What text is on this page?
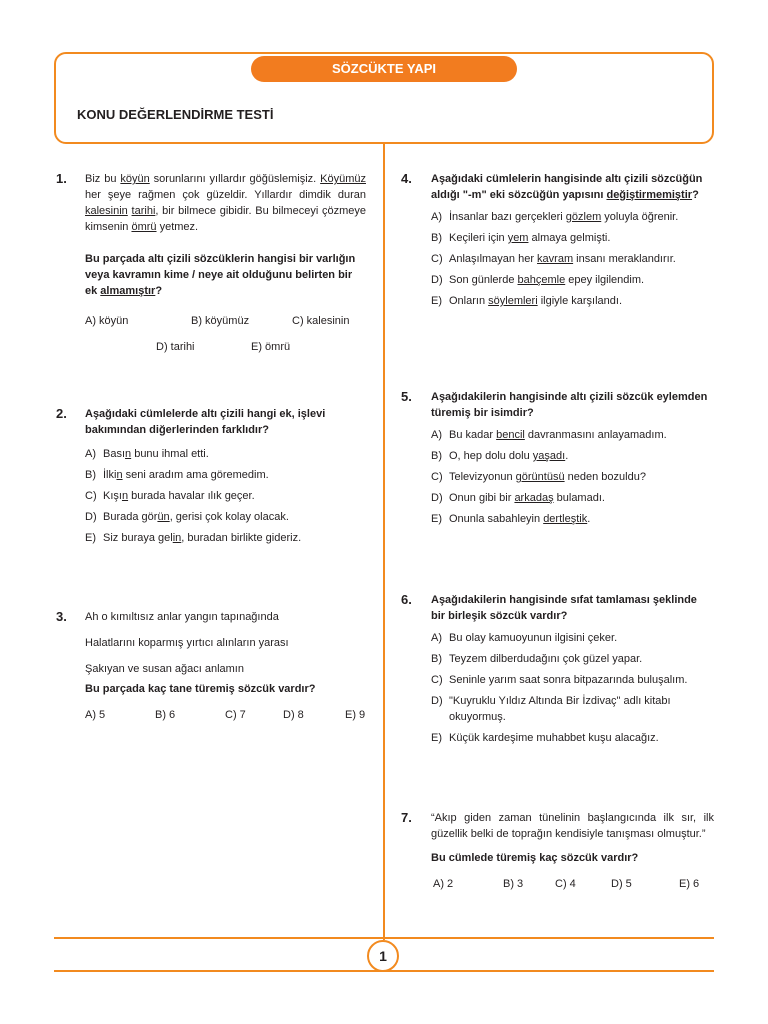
SÖZCÜKTE YAPI
KONU DEĞERLENDİRME TESTİ
1
1. Biz bu köyün sorunlarını yıllardır göğüslemişiz. Köyümüz her şeye rağmen çok güzeldir. Yıllardır dimdik duran kalesinin tarihi, bir bilmece gibidir. Bu bilmeceyi çözmeye kimsenin ömrü yetmez.

Bu parçada altı çizili sözcüklerin hangisi bir varlığın veya kavramın kime / neye ait olduğunu belirten bir ek almamıştır?

A) köyün	B) köyümüz	C) kalesinin
D) tarihi	E) ömrü
2. Aşağıdaki cümlelerde altı çizili hangi ek, işlevi bakımından diğerlerinden farklıdır?

A) Basın bunu ihmal etti.
B) İlkin seni aradım ama göremedim.
C) Kışın burada havalar ılık geçer.
D) Burada görün, gerisi çok kolay olacak.
E) Siz buraya gelin, buradan birlikte gideriz.
3. Ah o kımıltısız anlar yangın tapınağında

Halatlarını koparmış yırtıcı alınların yarası

Şakıyan ve susan ağacı anlamın

Bu parçada kaç tane türemiş sözcük vardır?

A) 5	B) 6	C) 7	D) 8	E) 9
4. Aşağıdaki cümlelerin hangisinde altı çizili sözcüğün aldığı "-m" eki sözcüğün yapısını değiştirmemiştir?

A) İnsanlar bazı gerçekleri gözlem yoluyla öğrenir.
B) Keçileri için yem almaya gelmişti.
C) Anlaşılmayan her kavram insanı meraklandırır.
D) Son günlerde bahçemle epey ilgilendim.
E) Onların söylemleri ilgiyle karşılandı.
5. Aşağıdakilerin hangisinde altı çizili sözcük eylemden türemiş bir isimdir?

A) Bu kadar bencil davranmasını anlayamadım.
B) O, hep dolu dolu yaşadı.
C) Televizyonun görüntüsü neden bozuldu?
D) Onun gibi bir arkadaş bulamadı.
E) Onunla sabahleyin dertleştik.
6. Aşağıdakilerin hangisinde sıfat tamlaması şeklinde bir birleşik sözcük vardır?

A) Bu olay kamuoyunun ilgisini çeker.
B) Teyzem dilberdudağını çok güzel yapar.
C) Seninle yarım saat sonra bitpazarında buluşalım.
D) "Kuyruklu Yıldız Altında Bir İzdivaç" adlı kitabı okuyormuş.
E) Küçük kardeşime muhabbet kuşu alacağız.
7. “Akıp giden zaman tünelinin başlangıcında ilk sır, ilk güzellik belki de toprağın kendisiyle tanışması olmuştur.”

Bu cümlede türemiş kaç sözcük vardır?

A) 2	B) 3	C) 4	D) 5	E) 6
